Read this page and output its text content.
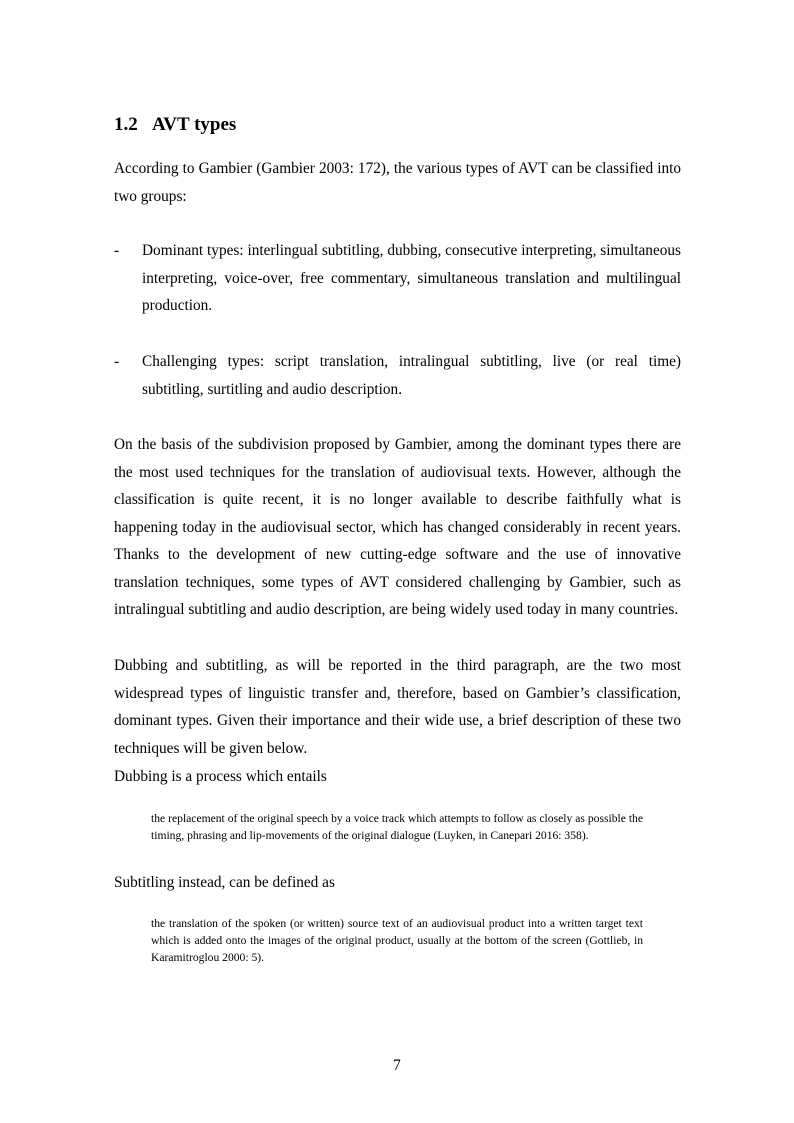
1.2 AVT types

According to Gambier (Gambier 2003: 172), the various types of AVT can be classified into two groups:

- Dominant types: interlingual subtitling, dubbing, consecutive interpreting, simultaneous interpreting, voice-over, free commentary, simultaneous translation and multilingual production.
- Challenging types: script translation, intralingual subtitling, live (or real time) subtitling, surtitling and audio description.

On the basis of the subdivision proposed by Gambier, among the dominant types there are the most used techniques for the translation of audiovisual texts. However, although the classification is quite recent, it is no longer available to describe faithfully what is happening today in the audiovisual sector, which has changed considerably in recent years. Thanks to the development of new cutting-edge software and the use of innovative translation techniques, some types of AVT considered challenging by Gambier, such as intralingual subtitling and audio description, are being widely used today in many countries.

Dubbing and subtitling, as will be reported in the third paragraph, are the two most widespread types of linguistic transfer and, therefore, based on Gambier’s classification, dominant types. Given their importance and their wide use, a brief description of these two techniques will be given below.

Dubbing is a process which entails

the replacement of the original speech by a voice track which attempts to follow as closely as possible the timing, phrasing and lip-movements of the original dialogue (Luyken, in Canepari 2016: 358).

Subtitling instead, can be defined as

the translation of the spoken (or written) source text of an audiovisual product into a written target text which is added onto the images of the original product, usually at the bottom of the screen (Gottlieb, in Karamitroglou 2000: 5).

7
